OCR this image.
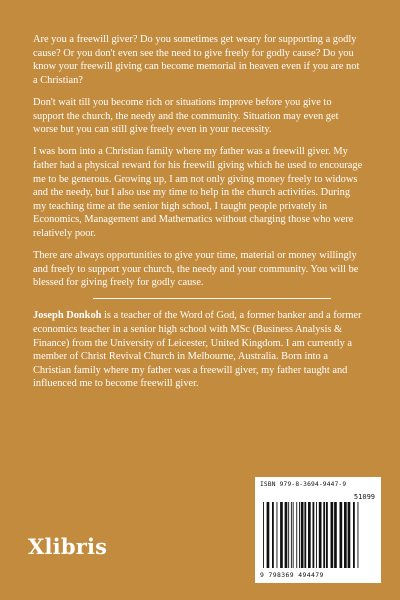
Are you a freewill giver? Do you sometimes get weary for supporting a godly cause? Or you don't even see the need to give freely for godly cause? Do you know your freewill giving can become memorial in heaven even if you are not a Christian?

Don't wait till you become rich or situations improve before you give to support the church, the needy and the community. Situation may even get worse but you can still give freely even in your necessity.

I was born into a Christian family where my father was a freewill giver. My father had a physical reward for his freewill giving which he used to encourage me to be generous. Growing up, I am not only giving money freely to widows and the needy, but I also use my time to help in the church activities. During my teaching time at the senior high school, I taught people privately in Economics, Management and Mathematics without charging those who were relatively poor.

There are always opportunities to give your time, material or money willingly and freely to support your church, the needy and your community. You will be blessed for giving freely for godly cause.

Joseph Donkoh is a teacher of the Word of God, a former banker and a former economics teacher in a senior high school with MSc (Business Analysis & Finance) from the University of Leicester, United Kingdom. I am currently a member of Christ Revival Church in Melbourne, Australia. Born into a Christian family where my father was a freewill giver, my father taught and influenced me to become freewill giver.

Xlibris
ISBN 979-8-3694-9447-9
51099
9 798369 494479
